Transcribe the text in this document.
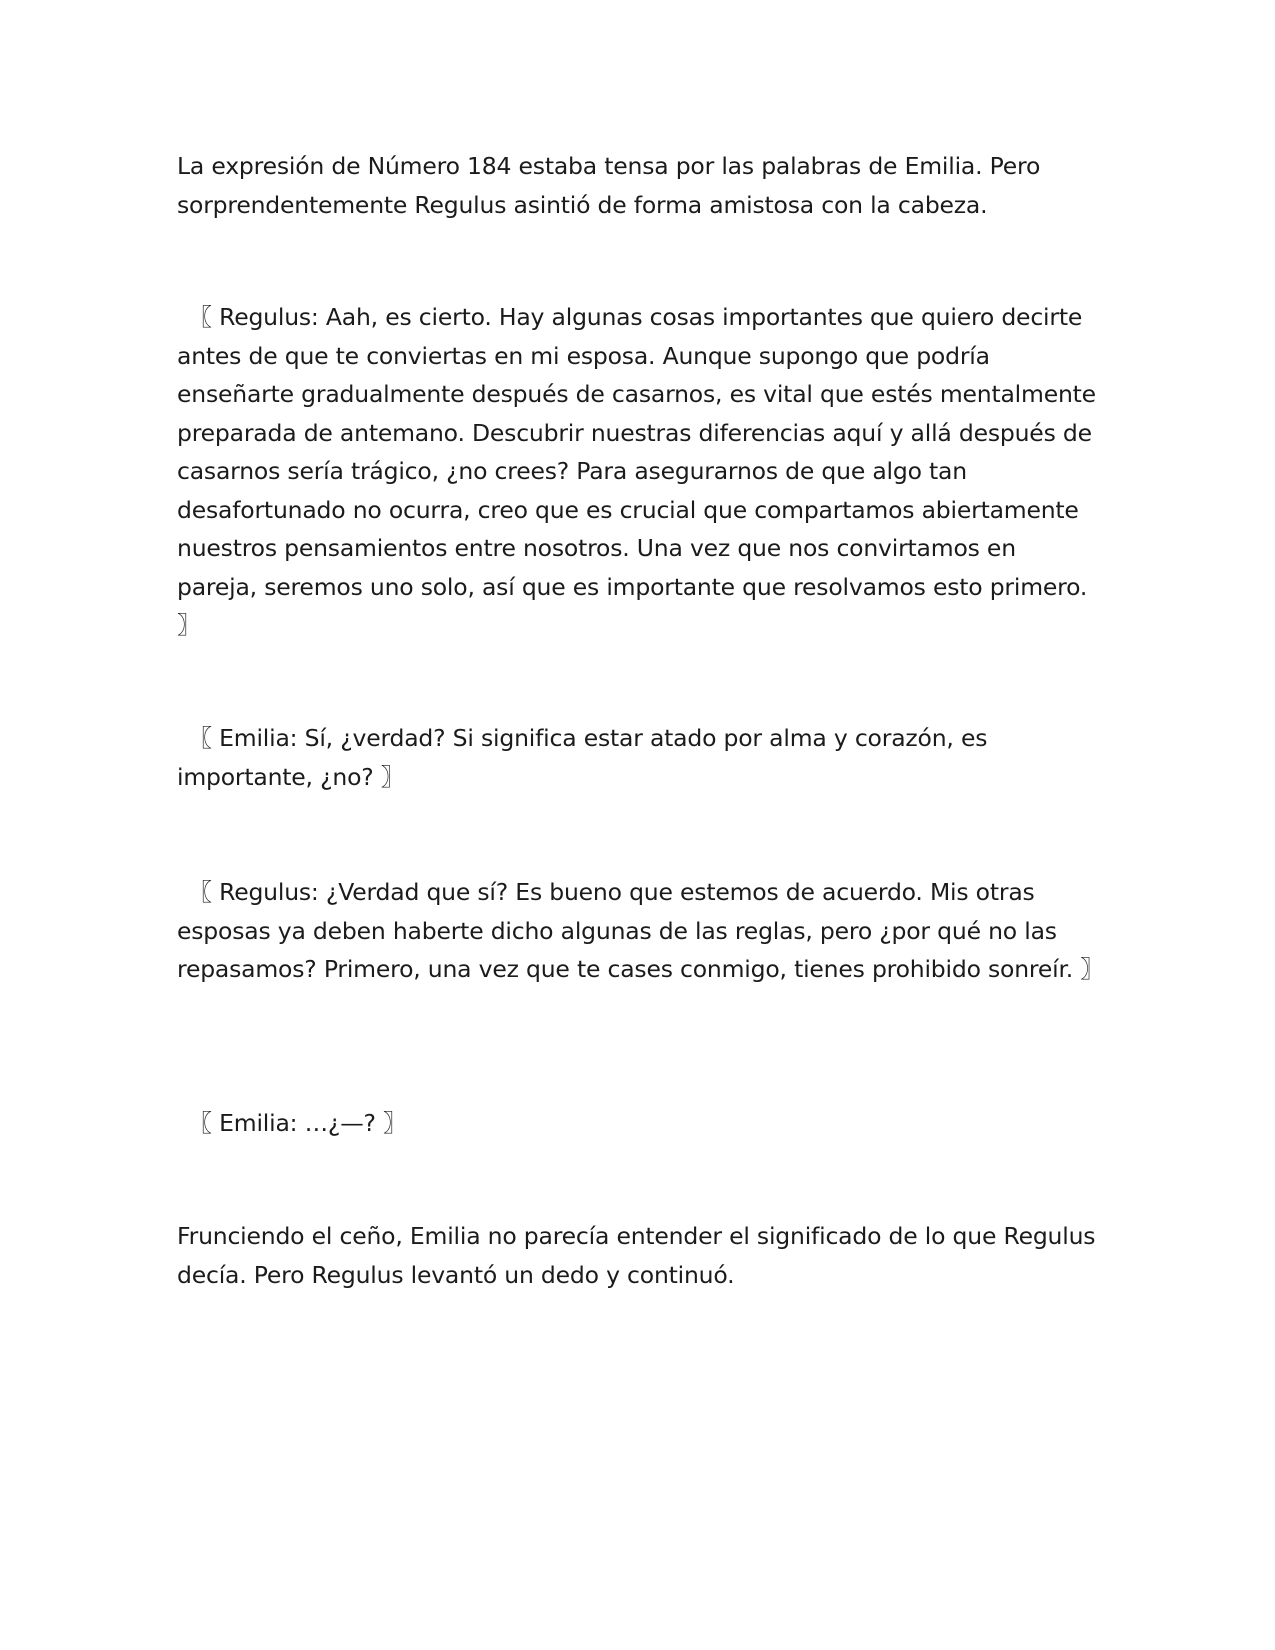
La expresión de Número 184 estaba tensa por las palabras de Emilia. Pero sorprendentemente Regulus asintió de forma amistosa con la cabeza.

　〖 Regulus: Aah, es cierto. Hay algunas cosas importantes que quiero decirte antes de que te conviertas en mi esposa. Aunque supongo que podría enseñarte gradualmente después de casarnos, es vital que estés mentalmente preparada de antemano. Descubrir nuestras diferencias aquí y allá después de casarnos sería trágico, ¿no crees? Para asegurarnos de que algo tan desafortunado no ocurra, creo que es crucial que compartamos abiertamente nuestros pensamientos entre nosotros. Una vez que nos convirtamos en pareja, seremos uno solo, así que es importante que resolvamos esto primero. 〗

　〖 Emilia: Sí, ¿verdad? Si significa estar atado por alma y corazón, es importante, ¿no? 〗

　〖 Regulus: ¿Verdad que sí? Es bueno que estemos de acuerdo. Mis otras esposas ya deben haberte dicho algunas de las reglas, pero ¿por qué no las repasamos? Primero, una vez que te cases conmigo, tienes prohibido sonreír. 〗

　〖 Emilia: …¿—? 〗

Frunciendo el ceño, Emilia no parecía entender el significado de lo que Regulus decía. Pero Regulus levantó un dedo y continuó.
